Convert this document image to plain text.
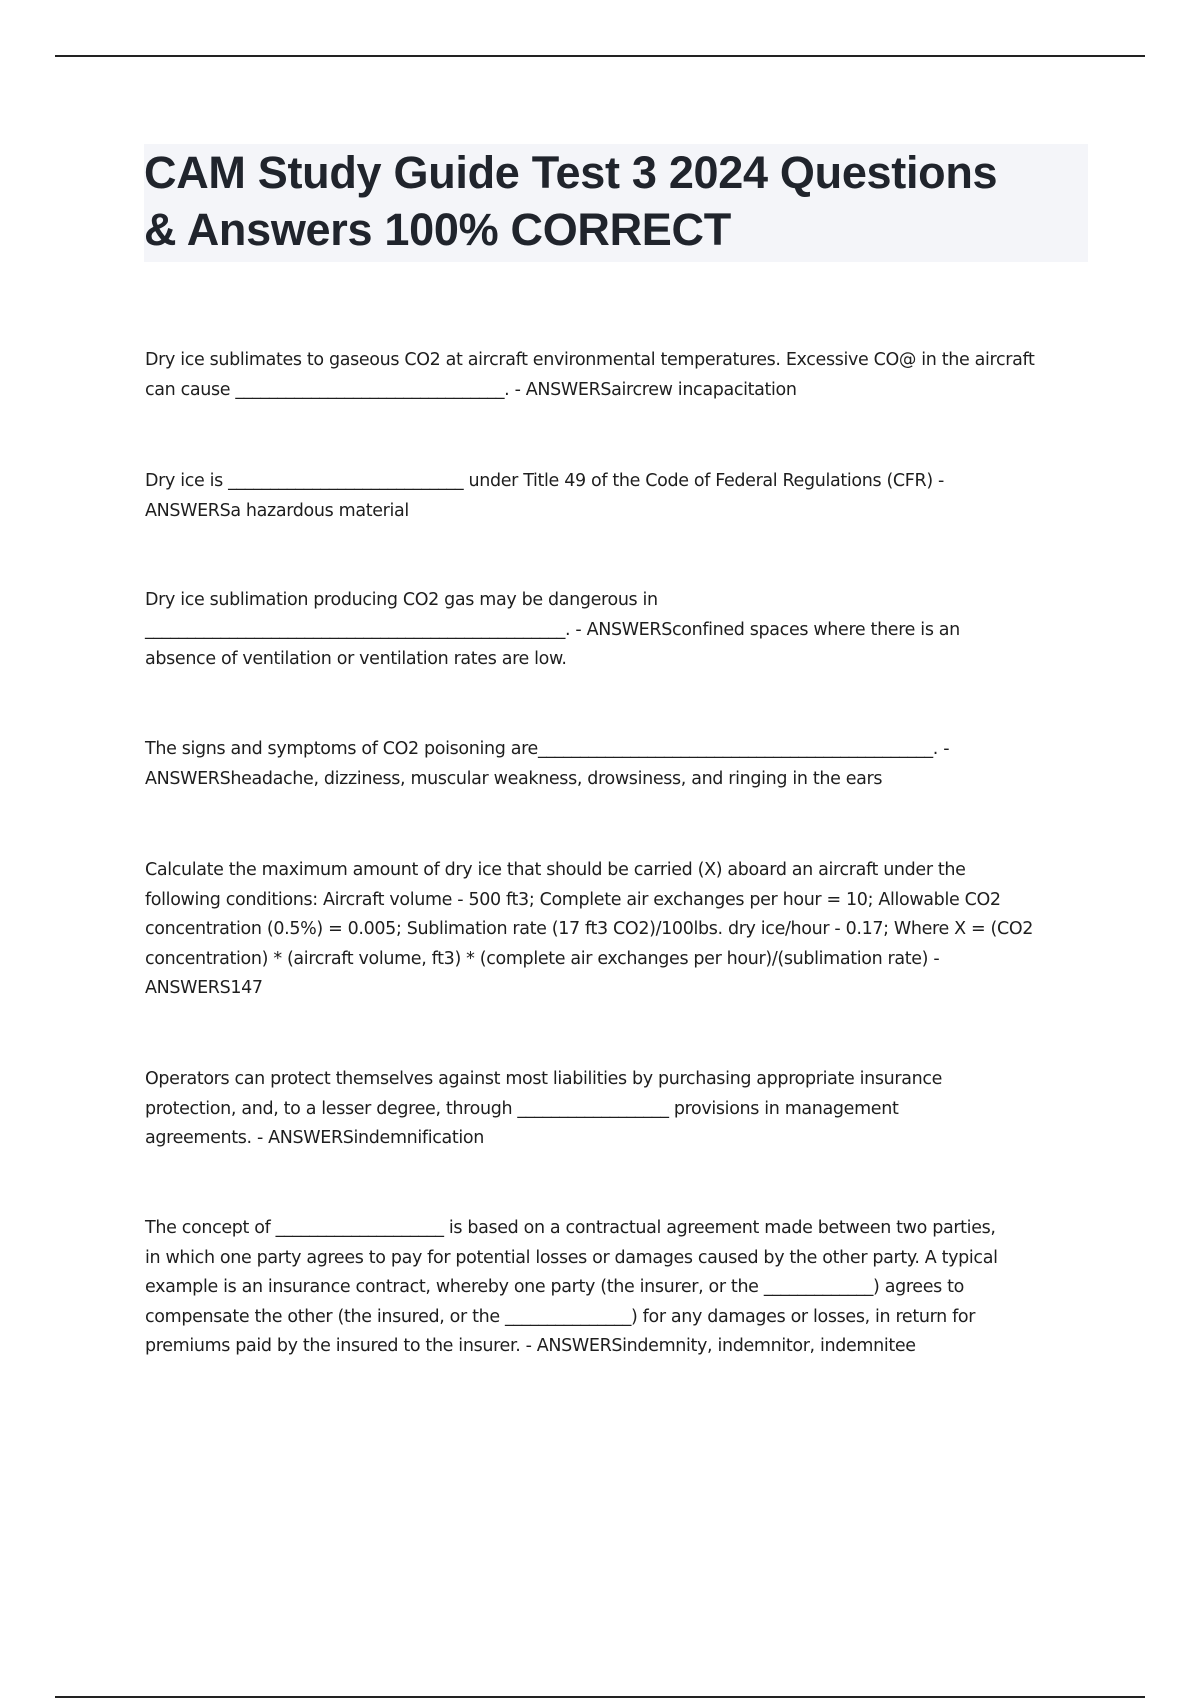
CAM Study Guide Test 3 2024 Questions
& Answers 100% CORRECT

Dry ice sublimates to gaseous CO2 at aircraft environmental temperatures. Excessive CO@ in the aircraft
can cause ________________________________. - ANSWERSaircrew incapacitation

Dry ice is ____________________________ under Title 49 of the Code of Federal Regulations (CFR) -
ANSWERSa hazardous material

Dry ice sublimation producing CO2 gas may be dangerous in
__________________________________________________. - ANSWERSconfined spaces where there is an
absence of ventilation or ventilation rates are low.

The signs and symptoms of CO2 poisoning are_______________________________________________. -
ANSWERSheadache, dizziness, muscular weakness, drowsiness, and ringing in the ears

Calculate the maximum amount of dry ice that should be carried (X) aboard an aircraft under the
following conditions: Aircraft volume - 500 ft3; Complete air exchanges per hour = 10; Allowable CO2
concentration (0.5%) = 0.005; Sublimation rate (17 ft3 CO2)/100lbs. dry ice/hour - 0.17; Where X = (CO2
concentration) * (aircraft volume, ft3) * (complete air exchanges per hour)/(sublimation rate) -
ANSWERS147

Operators can protect themselves against most liabilities by purchasing appropriate insurance
protection, and, to a lesser degree, through __________________ provisions in management
agreements. - ANSWERSindemnification

The concept of ____________________ is based on a contractual agreement made between two parties,
in which one party agrees to pay for potential losses or damages caused by the other party. A typical
example is an insurance contract, whereby one party (the insurer, or the _____________) agrees to
compensate the other (the insured, or the _______________) for any damages or losses, in return for
premiums paid by the insured to the insurer. - ANSWERSindemnity, indemnitor, indemnitee
